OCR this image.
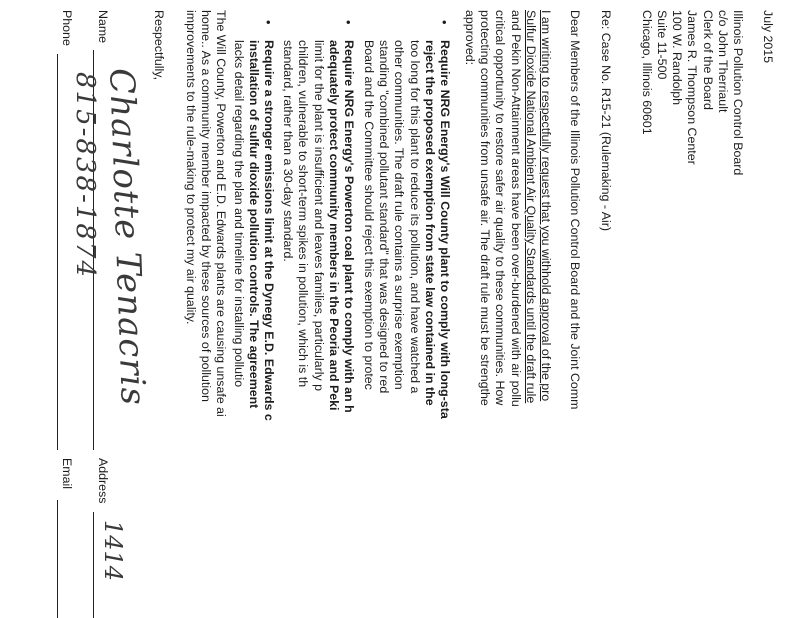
July 2015
Illinois Pollution Control Board
c/o John Therriault
Clerk of the Board
James R. Thompson Center
100 W. Randolph
Suite 11-500
Chicago, Illinois 60601
Re: Case No. R15-21 (Rulemaking - Air)
Dear Members of the Illinois Pollution Control Board and the Joint Comm
I am writing to respectfully request that you withhold approval of the pro
Sulfur Dioxide National Ambient Air Quality Standards until the draft rule
and Pekin Non-Attainment areas have been over-burdened with air pollu
critical opportunity to restore safer air quality to these communities. How
protecting communities from unsafe air. The draft rule must be strengthe
approved:
•
Require NRG Energy's Will County plant to comply with long-sta
reject the proposed exemption from state law contained in the
too long for this plant to reduce its pollution, and have watched a
other communities. The draft rule contains a surprise exemption
standing "combined pollutant standard" that was designed to red
Board and the Committee should reject this exemption to protec
•
Require NRG Energy's Powerton coal plant to comply with an h
adequately protect community members in the Peoria and Peki
limit for the plant is insufficient and leaves families, particularly p
children, vulnerable to short-term spikes in pollution, which is th
standard, rather than a 30-day standard.
•
Require a stronger emissions limit at the Dynegy E.D. Edwards c
installation of sulfur dioxide pollution controls. The agreement
lacks detail regarding the plan and timeline for installing pollutio
The Will County, Powerton and E.D. Edwards plants are causing unsafe ai
home.. As a community member impacted by these sources of pollution
improvements to the rule-making to protect my air quality.
Respectfully,
Name
Charlotte Tenacris
Address
1414
Phone
815-838-1874
Email
